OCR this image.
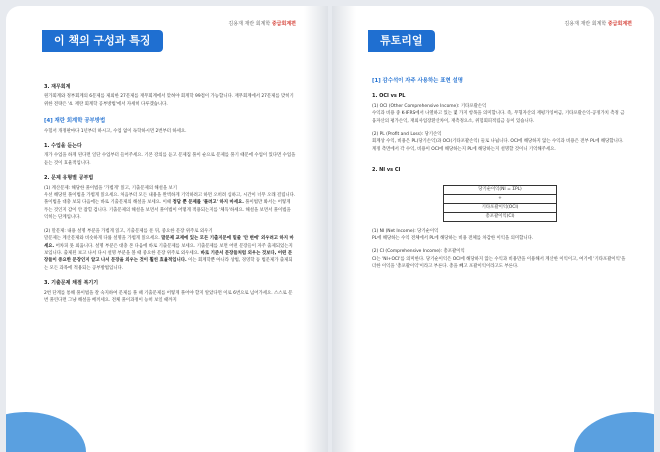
김용재 재란 회계학 중급회계편
이 책의 구성과 특징
3. 재무회계
원가회계와 정부회계의 6문제를 제외한 27문제를 재무회계에서 맞혀야 회계학 99점이 가능합니다. 재무회계에서 27문제를 맞히기 위한 전략은 '4. 재란 회계학 공부방법'에서 자세히 다루겠습니다.
[4] 재란 회계학 공부방법
수험서 개정판마다 1년부터 하시고, 수업 없이 독학하시면 2번부터 하세요.
1. 수업을 듣는다
개가 수업을 하게 된다면 일단 수업부터 들어주세요. 기본 강의를 듣고 문제집 풀이 순으로 문제를 풀기 때문에 수업이 있다면 수업을 듣는 것이 효율적입니다.
2. 문제 유형별 공부법
(1) 계산문제: 해당한 풀이법을 '가볍게' 읽고, 기출문제의 해설을 보기
우선 해당된 풀이법을 가볍게 읽으세요. 처음부터 모든 내용을 완벽하게 기억하려고 하면 오히려 심하고, 시간이 너무 오래 걸립니다. 풀이법을 대충 보되 다음에는 바로 기출문제의 해설을 보세요. 이때 정답 뿐 문제를 '풀려고' 하지 마세요. 풀이법만 봐서는 어떻게 푸는 것인지 감이 안 잡힐 겁니다. 기출문제의 해설을 보면서 풀이법이 어떻게 적용되는지를 '체득'하세요. 해설을 보면서 풀이법을 익히는 단계입니다.
(2) 말문제: 내용 설명 부분을 가볍게 읽고, 기출문제를 푼 뒤, 중요한 문장 위주로 외우기
말문제는 계산문제와 비슷하게 다룹 설명을 가볍게 읽으세요. 말문제 교재에 있는 모든 기출지문에 밑줄 '안 변에' 외우려고 하지 마세요. 어차피 못 외웁니다. 설명 부분은 대충 본 다음에 바로 기출문제를 보세요. 기출문제를 보면 어떤 문장들이 자주 출제되었는지 보입니다. 출제된 보고 나서 다시 설명 부분을 볼 때 중요한 문장 위주로 외우세요. 바로 기준서 문장들처럼 외우는 것보다, 어떤 문장들이 중요한 문장인지 알고 나서 문장을 외우는 것이 훨씬 효율적입니다. 이는 회계학뿐 아니라 상법, 경영학 등 법문제가 출제되는 모든 과목에 적용되는 공부방법입니다.
3. 기출문제 채점 복기기
2번 단계를 통해 풀이법을 잘 숙지하여 문제를 풀 때 기출문제를 어떻게 풀어야 할지 알았다면 이로 6번으로 넘어가세요. 스스로 문 번 풀린다면 그냥 해설을 베끼세요. 전체 풀이과정이 능히 보일 때까지
김용재 재란 회계학 중급회계편
튜토리얼
[1] 감수석이 자주 사용하는 표현 설명
1. OCI vs PL
(1) OCI (Other Comprehensive Income): 기타포괄손익
수익과 비용 중 K-IFRS에서 나열하고 있는 몇 가지 항목을 의미합니다. 즉, 무형자산의 재평가잉여금, 기타포괄손익-공정가치 측정 금융자산의 평가손익, 재외사업장환산차이, 재측정요소, 위험회피적립금 등이 있습니다.
(2) PL (Profit and Loss): 당기손익
회계상 수익, 비용은 PL(당기손익)과 OCI(기타포괄손익) 둘로 나뉩니다. OCI에 해당하지 않는 수익과 비용은 전부 PL에 해당합니다. 계정 측면에서 각 수익, 비용이 OCI에 해당하는지 PL에 해당하는지 설명할 것이니 기억해주세요.
2. NI vs CI
당기순이익(NI = ΣPL)
+
기타포괄이익(OCI)
총포괄이익(CI)
(1) NI (Net Income): 당기순이익
PL에 해당하는 수익 전체에서 PL에 해당하는 비용 전체를 차감한 이익을 의미합니다.
(2) CI (Comprehensive Income): 총포괄이익
CI는 'NI+OCI'를 의미한다. 당기순이익은 OCI에 해당하지 않는 수익과 비용만을 이용해서 계산한 이익이고, 여기에 '기타포괄이익'을 더한 이익을 '총포괄이익'이라고 부른다. 총을 빼고 포괄이익이라고도 부른다.
